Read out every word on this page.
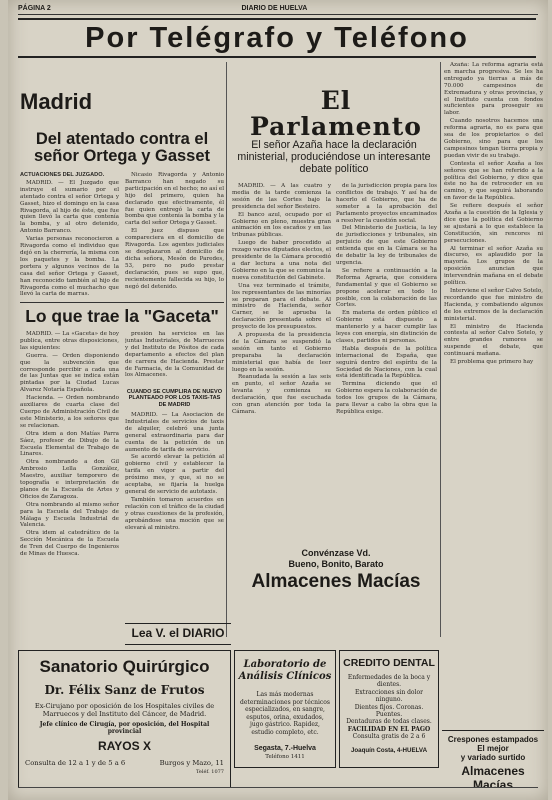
PÁGINA 2	DIARIO DE HUELVA
Por Telégrafo y Teléfono
Madrid
Del atentado contra el señor Ortega y Gasset

ACTUACIONES DEL JUZGADO.

MADRID. — El Juzgado que instruye el sumario por el atentado contra el señor Ortega y Gasset, hizo el domingo en la casa Rivagorda, al hijo de éste, que fue quien llevó la carta que contenía la bomba, y al otro detenido, Antonio Barranco.

Varias personas reconocieron a Rivagorda como el individuo que dejó en la cherrería, la misma con los paquetes y la bomba. La portera y algunos vecinos de la casa del señor Ortega y Gasset, han reconocido también al hijo de Rivagorda como el muchacho que llevó la carta de marras.

Nicasio Rivagorda y Antonio Barranco han negado su participación en el hecho; no así el hijo del primero, quien ha declarado que efectivamente, él fue quien entregó la carta de bomba que contenía la bomba y la carta del señor Ortega y Gasset.

El juez dispuso que compareciera en el domicilio de Rivagorda. Los agentes judiciales se desplazaron al domicilio de dicha señora, Mesón de Paredes, 53, pero no pudo prestar declaración, pues se supo que, recientemente fallecida su hijo, lo negó del detenido.

Lo que trae la "Gaceta"

MADRID. — La «Gaceta» de hoy publica, entre otras disposiciones, las siguientes:

Guerra. — Orden disponiendo que la subvención que corresponde percibir a cada una de las Juntas que se indica están pintadas por la Ciudad Lucas Alvarez Notaría Española.

Hacienda. — Orden nombrando auxiliares de cuarta clase del Cuerpo de Administración Civil de este Ministerio, a los señores que se relacionan.

Otra idem a don Matías Parra Sáez, profesor de Dibujo de la Escuela Elemental de Trabajo de Linares.

Otra nombrando a don Gil Ambrosio Lella González, Maestro, auxiliar temporero de topografía e interpretación de planos de la Escuela de Artes y Oficios de Zaragoza.

Otra nombrando al mismo señor para la Escuela del Trabajo de Málaga y Escuela Industrial de Valencia.

Otra idem al catedrático de la Sección Mecánica de la Escuela de Tren del Cuerpo de Ingenieros de Minas de Huesca.

presión ha servicios en las juntas Industriales, de Marruecos y del Instituto de Pósitos de cada departamento a efectos del plan de carrera de Hacienda. Prestar de Farmacia, de la Comunidad de los Almacenes.

CUANDO SE CUMPLIRA DE NUEVO PLANTEADO POR LOS TAXIS-TAS DE MADRID

MADRID. — La Asociación de Industriales de servicios de taxis de alquiler, celebró una junta general extraordinaria para dar cuenta de la petición de un aumento de tarifa de servicio.

Se acordó elevar la petición al gobierno civil y establecer la tarifa en vigor a partir del próximo mes, y que, si no se aceptaba, se fijaría la huelga general de servicio de autotaxis.

También tomaron acuerdos en relación con el tráfico de la ciudad y otras cuestiones de la profesión, aprobándose una moción que se elevará al ministro.

El Parlamento
El señor Azaña hace la declaración ministerial, produciéndose un interesante debate político

MADRID. — A las cuatro y media de la tarde comienza la sesión de las Cortes bajo la presidencia del señor Besteiro.

El banco azul, ocupado por el Gobierno en pleno, muestra gran animación en los escaños y en las tribunas públicas.

Luego de haber procedido al rezago varios diputados electos, el presidente de la Cámara procedió a dar lectura a una nota del Gobierno en la que se comunica la nueva constitución del Gabinete.

Una vez terminado el trámite, los representantes de las minorías se preparan para el debate. Al ministro de Hacienda, señor Carner, se le aprueba la declaración presentada sobre el proyecto de los presupuestos.

A propuesta de la presidencia de la Cámara se suspendió la sesión en tanto el Gobierno preparaba la declaración ministerial que había de leer luego en la sesión.

Reanudada la sesión a las seis en punto, el señor Azaña se levanta y comienza su declaración, que fue escuchada con gran atención por toda la Cámara.

de la jurisdicción propia para los conflictos de trabajo. Y así ha de hacerlo el Gobierno, que ha de someter a la aprobación del Parlamento proyectos encaminados a resolver la cuestión social.

Del Ministerio de Justicia, la ley de jurisdicciones y tribunales, sin perjuicio de que este Gobierno entienda que en la Cámara se ha de debatir la ley de tribunales de urgencia.

Se refiere a continuación a la Reforma Agraria, que considera fundamental y que el Gobierno se propone acelerar en todo lo posible, con la colaboración de las Cortes.

En materia de orden público el Gobierno está dispuesto a mantenerlo y a hacer cumplir las leyes con energía, sin distinción de clases, partidos ni personas.

Habla después de la política internacional de España, que seguirá dentro del espíritu de la Sociedad de Naciones, con la cual está identificada la República.

Termina diciendo que el Gobierno espera la colaboración de todos los grupos de la Cámara, para llevar a cabo la obra que la República exige.

Azaña: La reforma agraria está en marcha progresiva. Se les ha entregado ya tierras a más de 70.000 campesinos de Extremadura y otras provincias, y el Instituto cuenta con fondos suficientes para proseguir su labor.

Cuando nosotros hacemos una reforma agraria, no es para que sea de los propietarios o del Gobierno, sino para que los campesinos tengan tierra propia y puedan vivir de su trabajo.

Contesta el señor Azaña a los señores que se han referido a la política del Gobierno, y dice que éste no ha de retroceder en su camino, y que seguirá laborando en favor de la República.

Se refiere después el señor Azaña a la cuestión de la Iglesia y dice que la política del Gobierno se ajustará a lo que establece la Constitución, sin rencores ni persecuciones.

Al terminar el señor Azaña su discurso, es aplaudido por la mayoría. Los grupos de la oposición anuncian que intervendrán mañana en el debate político.

Interviene el señor Calvo Sotelo, recordando que fue ministro de Hacienda, y combatiendo algunos de los extremos de la declaración ministerial.

El ministro de Hacienda contesta al señor Calvo Sotelo, y entre grandes rumores se suspende el debate, que continuará mañana.

El problema que primero hay

Lea V. el DIARIO
Convénzase Vd.
Bueno, Bonito, Barato
Almacenes Macías
Sanatorio Quirúrgico
Dr. Félix Sanz de Frutos
Ex-Cirujano por oposición de los Hospitales civiles de Marruecos y del Instituto del Cáncer, de Madrid.
Jefe clínico de Cirugía, por oposición, del Hospital provincial
RAYOS X
Consulta de 12 a 1 y de 5 a 6	Burgos y Mazo, 11
Teléf. 1077
Laboratorio de Análisis Clínicos
Las más modernas determinaciones por técnicos especializados, en sangre, esputos, orina, exudados, jugo gástrico. Rapidez, estudio completo, etc.
Segasta, 7.-Huelva
Teléfono 1411
CREDITO DENTAL
Enfermedades de la boca y dientes.
Extracciones sin dolor ninguno.
Dientes fijos. Coronas. Puentes.
Dentaduras de todas clases.
FACILIDAD EN EL PAGO
Consulta gratis de 2 a 6
Joaquín Costa, 4-HUELVA
Crespones estampados
El mejor
y variado surtido
Almacenes Macías
